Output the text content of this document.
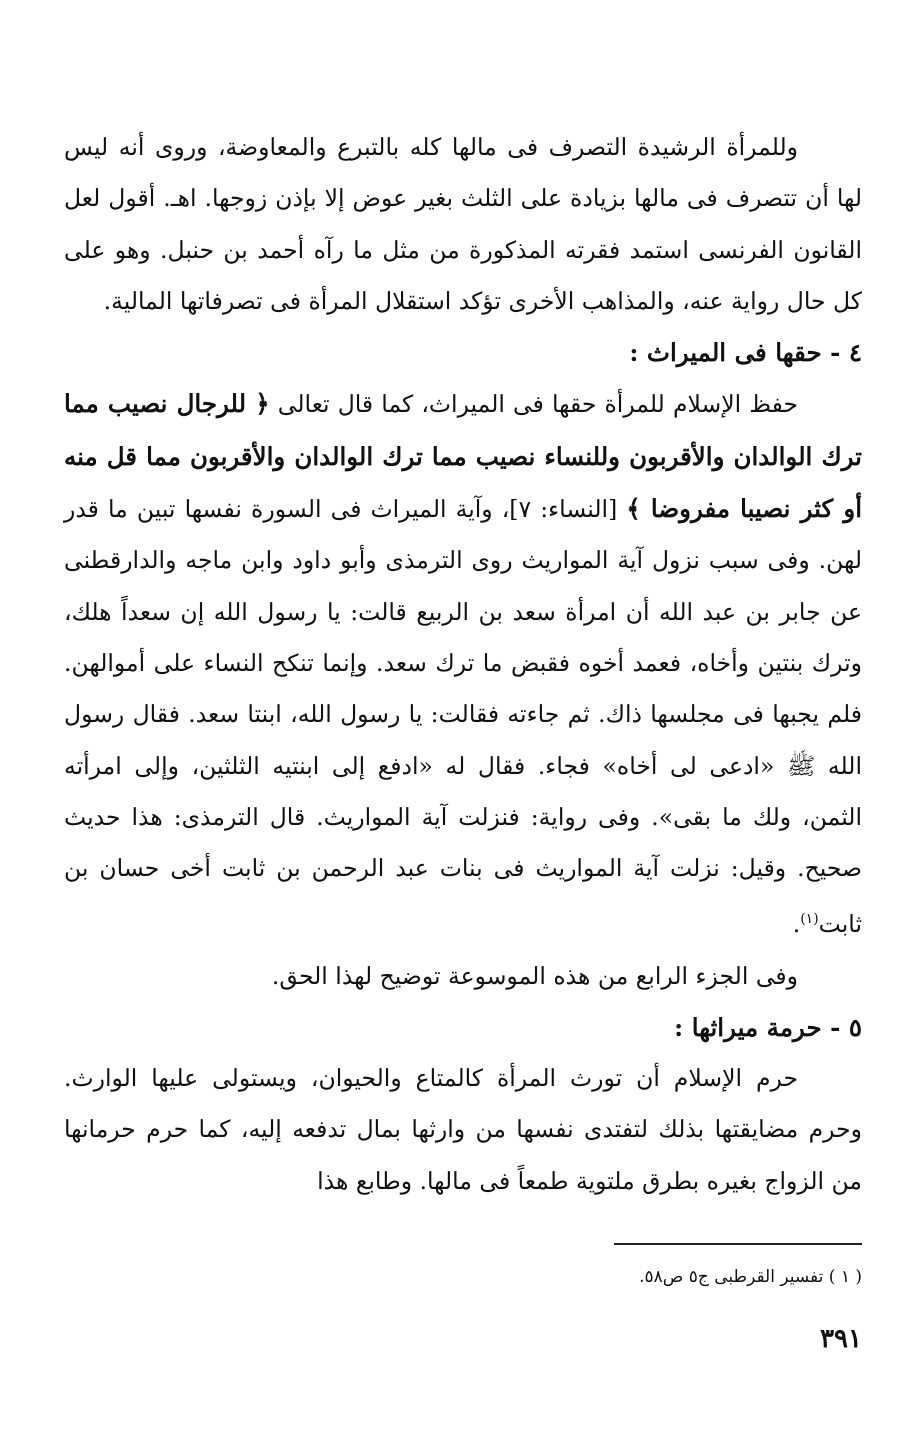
وللمرأة الرشيدة التصرف فى مالها كله بالتبرع والمعاوضة، وروى أنه ليس لها أن تتصرف فى مالها بزيادة على الثلث بغير عوض إلا بإذن زوجها. اهـ. أقول لعل القانون الفرنسى استمد فقرته المذكورة من مثل ما رآه أحمد بن حنبل. وهو على كل حال رواية عنه، والمذاهب الأخرى تؤكد استقلال المرأة فى تصرفاتها المالية.

٤ - حقها فى الميراث :

حفظ الإسلام للمرأة حقها فى الميراث، كما قال تعالى ﴿ للرجال نصيب مما ترك الوالدان والأقربون وللنساء نصيب مما ترك الوالدان والأقربون مما قل منه أو كثر نصيبا مفروضا ﴾ [النساء: ٧]، وآية الميراث فى السورة نفسها تبين ما قدر لهن. وفى سبب نزول آية المواريث روى الترمذى وأبو داود وابن ماجه والدارقطنى عن جابر بن عبد الله أن امرأة سعد بن الربيع قالت: يا رسول الله إن سعداً هلك، وترك بنتين وأخاه، فعمد أخوه فقبض ما ترك سعد. وإنما تنكح النساء على أموالهن. فلم يجبها فى مجلسها ذاك. ثم جاءته فقالت: يا رسول الله، ابنتا سعد. فقال رسول الله ﷺ «ادعى لى أخاه» فجاء. فقال له «ادفع إلى ابنتيه الثلثين، وإلى امرأته الثمن، ولك ما بقى». وفى رواية: فنزلت آية المواريث. قال الترمذى: هذا حديث صحيح. وقيل: نزلت آية المواريث فى بنات عبد الرحمن بن ثابت أخى حسان بن ثابت$^{(١)}$.

وفى الجزء الرابع من هذه الموسوعة توضيح لهذا الحق.

٥ - حرمة ميراثها :

حرم الإسلام أن تورث المرأة كالمتاع والحيوان، ويستولى عليها الوارث. وحرم مضايقتها بذلك لتفتدى نفسها من وارثها بمال تدفعه إليه، كما حرم حرمانها من الزواج بغيره بطرق ملتوية طمعاً فى مالها. وطابع هذا

( ١ ) تفسير القرطبى ج٥ ص٥٨.
٣٩١
